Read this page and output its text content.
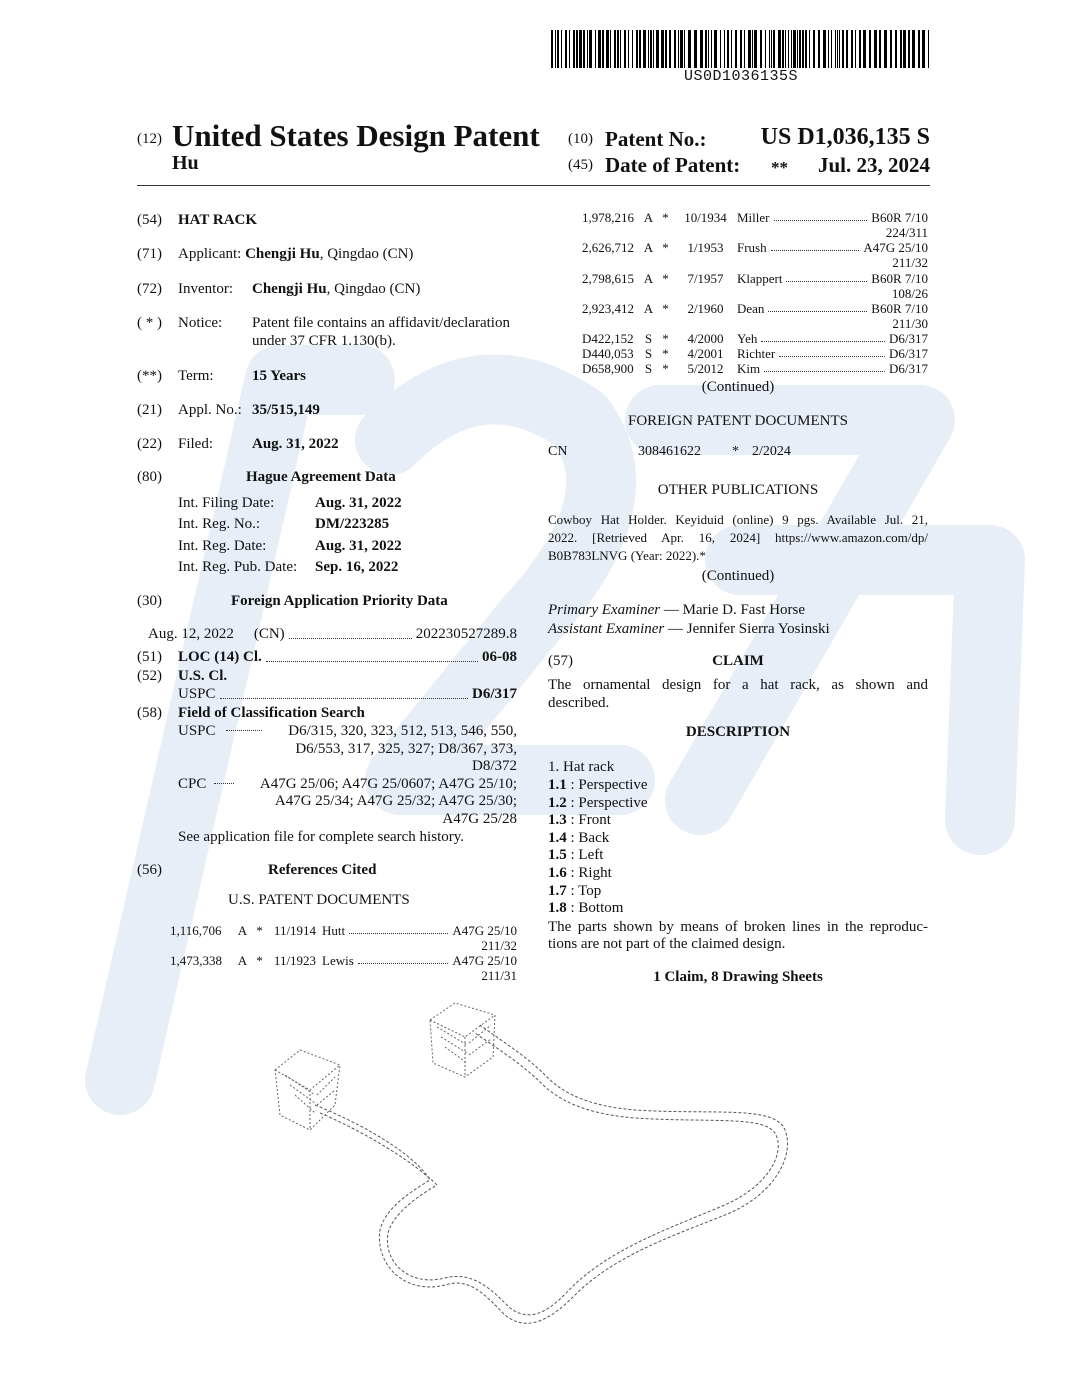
US0D1036135S
(12) United States Design Patent
Hu
(10) Patent No.:	US D1,036,135 S
(45) Date of Patent: **	Jul. 23, 2024
(54) HAT RACK
(71) Applicant: Chengji Hu, Qingdao (CN)
(72) Inventor: Chengji Hu, Qingdao (CN)
( * ) Notice: Patent file contains an affidavit/declaration
under 37 CFR 1.130(b).
(**) Term:	15 Years
(21) Appl. No.: 35/515,149
(22) Filed:	Aug. 31, 2022
(80)	Hague Agreement Data
Int. Filing Date:	Aug. 31, 2022
Int. Reg. No.:	DM/223285
Int. Reg. Date:	Aug. 31, 2022
Int. Reg. Pub. Date: Sep. 16, 2022
(30)	Foreign Application Priority Data
Aug. 12, 2022 (CN)	202230527289.8
(51) LOC (14) Cl.	06-08
(52) U.S. Cl.
USPC	D6/317
(58) Field of Classification Search
USPC	D6/315, 320, 323, 512, 513, 546, 550,
D6/553, 317, 325, 327; D8/367, 373,
D8/372
CPC	A47G 25/06; A47G 25/0607; A47G 25/10;
A47G 25/34; A47G 25/32; A47G 25/30;
A47G 25/28
See application file for complete search history.
(56)	References Cited
U.S. PATENT DOCUMENTS
1,116,706	A * 11/1914 Hutt	A47G 25/10
211/32
1,473,338	A * 11/1923 Lewis	A47G 25/10
211/31
1,978,216 A *	10/1934 Miller	B60R 7/10
224/311
2,626,712 A *	1/1953	Frush	A47G 25/10
211/32
2,798,615 A *	7/1957	Klappert	B60R 7/10
108/26
2,923,412 A *	2/1960	Dean	B60R 7/10
211/30
D422,152 S *	4/2000	Yeh	D6/317
D440,053 S *	4/2001	Richter	D6/317
D658,900 S *	5/2012	Kim	D6/317
(Continued)
FOREIGN PATENT DOCUMENTS
CN	308461622 * 2/2024
OTHER PUBLICATIONS
Cowboy Hat Holder. Keyiduid (online) 9 pgs. Available Jul. 21,
2022. [Retrieved Apr. 16, 2024] https://www.amazon.com/dp/
B0B783LNVG (Year: 2022).*
(Continued)
Primary Examiner — Marie D. Fast Horse
Assistant Examiner — Jennifer Sierra Yosinski
(57)	CLAIM
The ornamental design for a hat rack, as shown and
described.
DESCRIPTION
1. Hat rack
1.1 : Perspective
1.2 : Perspective
1.3 : Front
1.4 : Back
1.5 : Left
1.6 : Right
1.7 : Top
1.8 : Bottom
The parts shown by means of broken lines in the reproduc-
tions are not part of the claimed design.
1 Claim, 8 Drawing Sheets
